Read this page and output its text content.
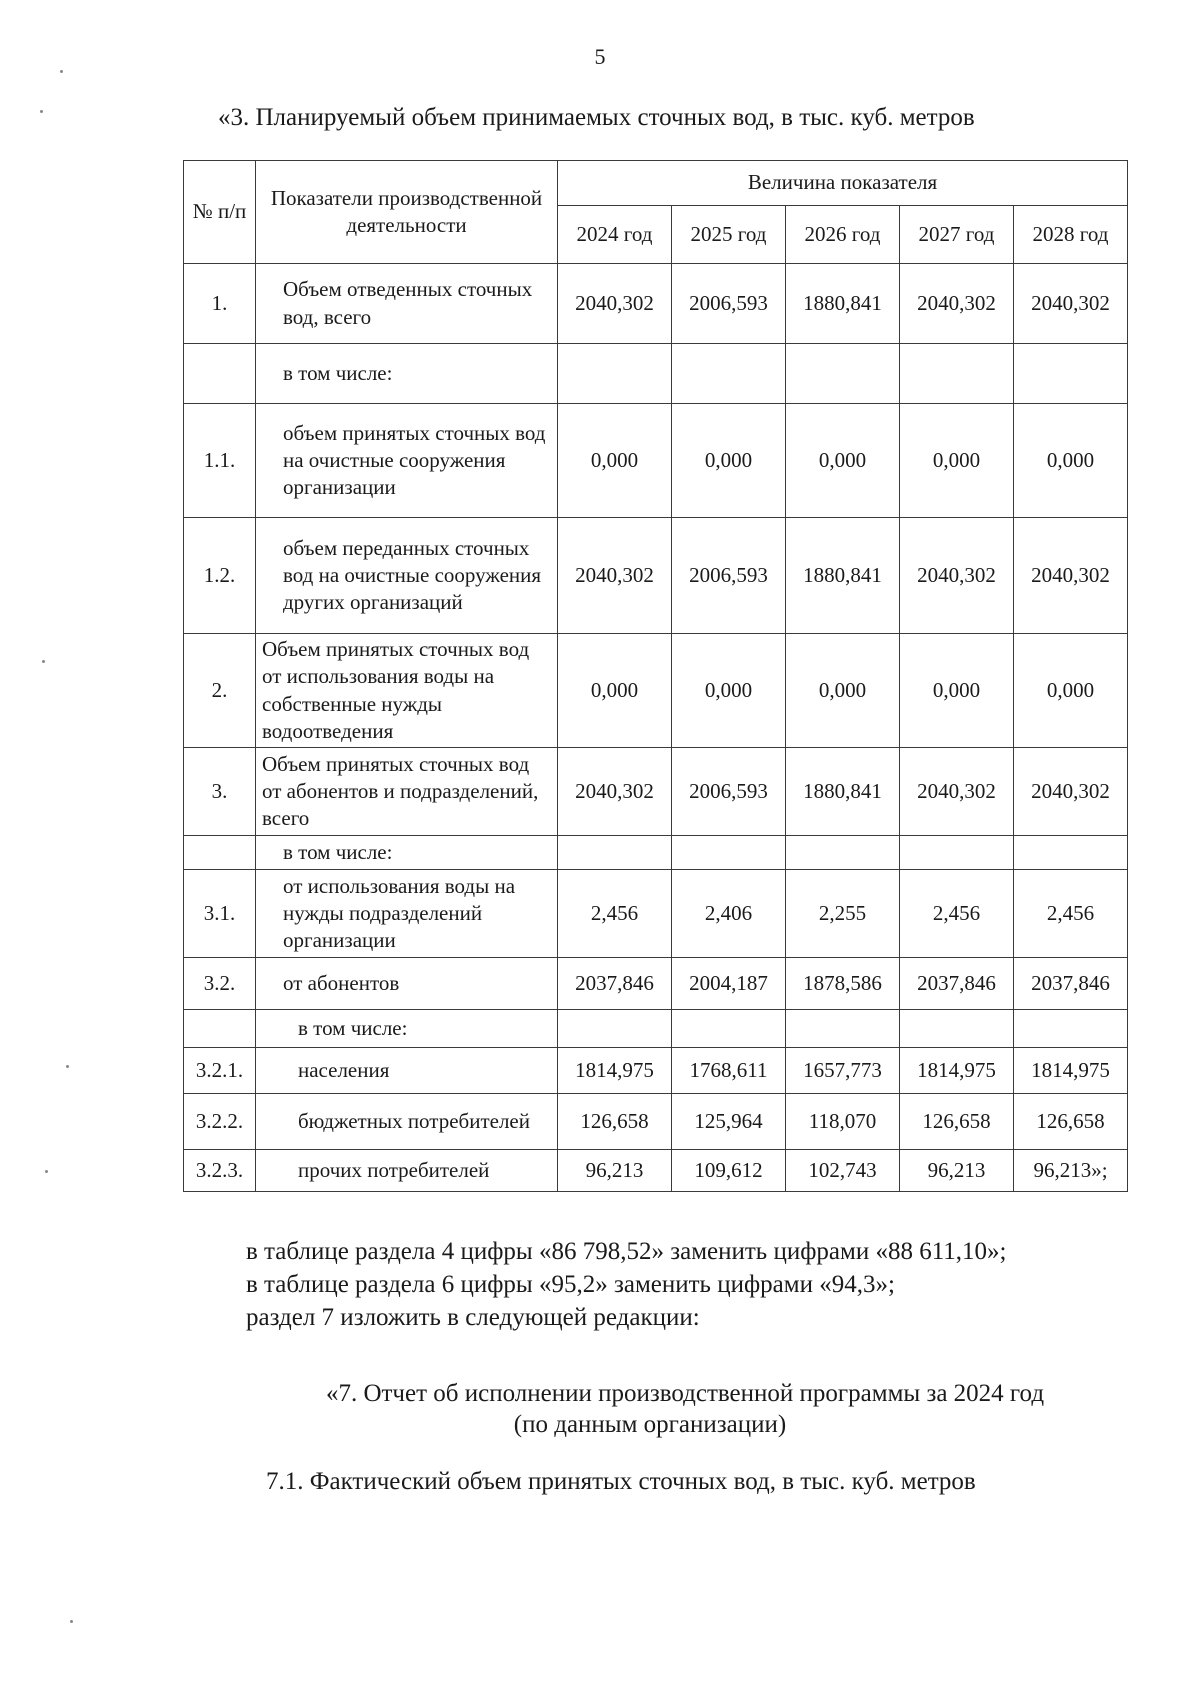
5
«3. Планируемый объем принимаемых сточных вод, в тыс. куб. метров
№ п/п	Показатели производственной деятельности	Величина показателя				
		2024 год	2025 год	2026 год	2027 год	2028 год
1.	Объем отведенных сточных вод, всего	2040,302	2006,593	1880,841	2040,302	2040,302
	в том числе:					
1.1.	объем принятых сточных вод на очистные сооружения организации	0,000	0,000	0,000	0,000	0,000
1.2.	объем переданных сточных вод на очистные сооружения других организаций	2040,302	2006,593	1880,841	2040,302	2040,302
2.	Объем принятых сточных вод от использования воды на собственные нужды водоотведения	0,000	0,000	0,000	0,000	0,000
3.	Объем принятых сточных вод от абонентов и подразделений, всего	2040,302	2006,593	1880,841	2040,302	2040,302
	в том числе:					
3.1.	от использования воды на нужды подразделений организации	2,456	2,406	2,255	2,456	2,456
3.2.	от абонентов	2037,846	2004,187	1878,586	2037,846	2037,846
	в том числе:					
3.2.1.	населения	1814,975	1768,611	1657,773	1814,975	1814,975
3.2.2.	бюджетных потребителей	126,658	125,964	118,070	126,658	126,658
3.2.3.	прочих потребителей	96,213	109,612	102,743	96,213	96,213»;
в таблице раздела 4 цифры «86 798,52» заменить цифрами «88 611,10»;
в таблице раздела 6 цифры «95,2» заменить цифрами «94,3»;
раздел 7 изложить в следующей редакции:
«7. Отчет об исполнении производственной программы за 2024 год
(по данным организации)
7.1. Фактический объем принятых сточных вод, в тыс. куб. метров
